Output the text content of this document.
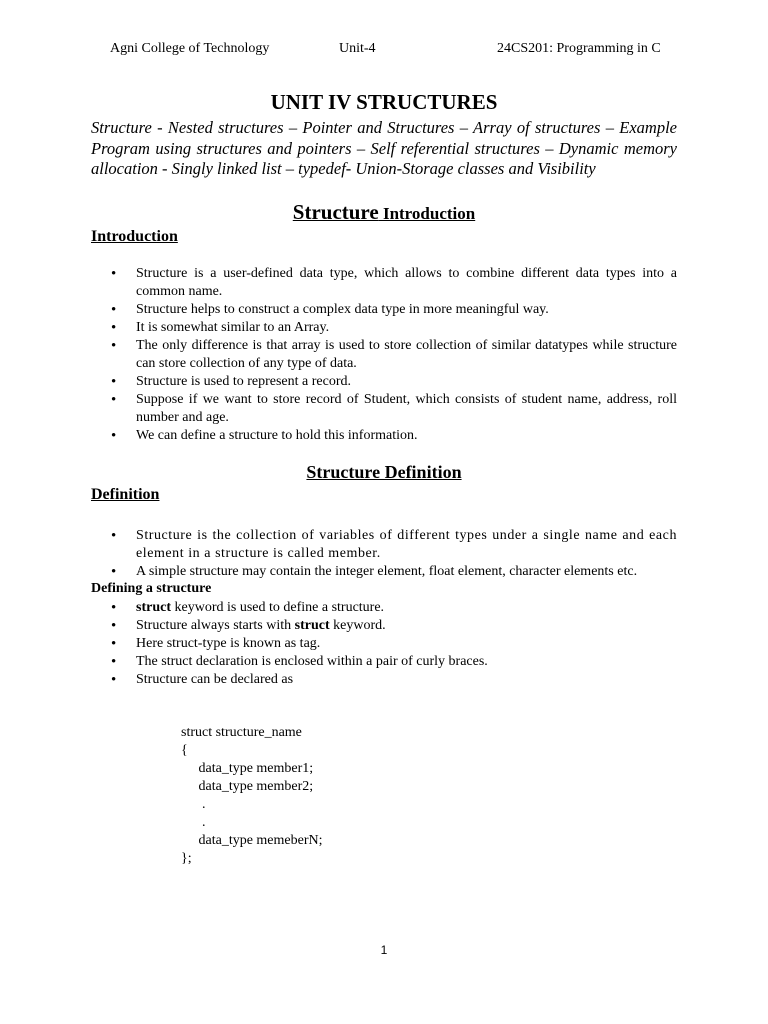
Agni College of Technology	Unit-4	24CS201: Programming in C
UNIT IV STRUCTURES
Structure - Nested structures – Pointer and Structures – Array of structures – Example Program using structures and pointers – Self referential structures – Dynamic memory allocation - Singly linked list – typedef- Union-Storage classes and Visibility
Structure Introduction
Introduction
• Structure is a user-defined data type, which allows to combine different data types into a common name.
• Structure helps to construct a complex data type in more meaningful way.
• It is somewhat similar to an Array.
• The only difference is that array is used to store collection of similar datatypes while structure can store collection of any type of data.
• Structure is used to represent a record.
• Suppose if we want to store record of Student, which consists of student name, address, roll number and age.
• We can define a structure to hold this information.
Structure Definition
Definition
• Structure is the collection of variables of different types under a single name and each element in a structure is called member.
• A simple structure may contain the integer element, float element, character elements etc.
Defining a structure
• struct keyword is used to define a structure.
• Structure always starts with struct keyword.
• Here struct-type is known as tag.
• The struct declaration is enclosed within a pair of curly braces.
• Structure can be declared as

struct structure_name
{
data_type member1;
data_type member2;
.
.
data_type memeberN;
};

1
